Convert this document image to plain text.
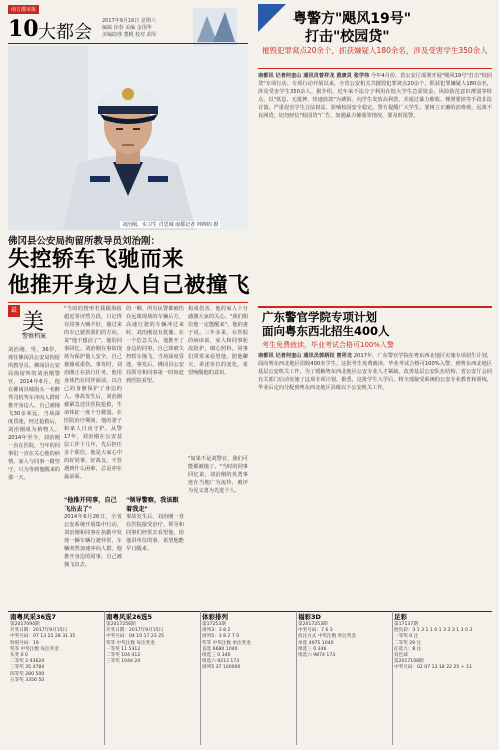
南方都市报
10 大都会
2017年9月16日 星期六
编辑 扣春 美编 金国华
美编助理 董帆 校对 胡军
刘治刚。实习生 肖思城 南都记者 钟锦钧 摄
佛冈县公安局拘留所教导员刘治刚：
失控轿车飞驰而来
他推开身边人自己被撞飞
最 美
警察档案
刘治刚，男，36岁，现任佛冈县公安局拘留所教导员。佛冈县公安局拘留所的刘治刚警官，2014年6月，他在佛冈县城街头一名醉驾司机驾车冲向人群时推开身边人，自己被撞飞30多米远，当场深度昏迷，经过抢救后，刘治刚成为植物人。2014年至今，刘治刚一直在医院，当年的同事们一直在关心他的病情，家人与同事一路坚守，只为等到他醒来的那一天。
"当时的情形若我跟海报超近等评然方段，只记得有同事大喊不好，撞过来的车已驶着我们的方向。说"他不想活了"，他的同事回忆。刘治刚在事故现场为保护他人安全，自己被撞成重伤。事发时，刘治刚正在执行任务，他用身体挡在同伴面前，以自己的身躯保护了身边的人。事故发生后，刘治刚被紧急送往医院抢救，生命体征一度十分微弱。在医院治疗期间，他的妻子和家人日夜守护。从警17年，刘治刚在公安基层工作十几年，先后担任多个职位。他是大家心中的好同事、好战友，不管遇到什么困难，总是冲在最前面。
"他推开同事，自己飞出去了"
2014年6月26日，全省公安系统开展集中行动，刘治刚和同事在执勤中发现一辆车辆行驶异常，车辆突然加速冲向人群。他推开身边的同事，自己被撞飞出去。
的一侧，所有民警都被伤在远离现场的车辆后方，高速行驶的车辆冲过来时，刘治刚没有犹豫。在一个危急关头，他推开了身边的同事，自己却被失控轿车撞飞，当场深度昏迷。事发后，佛冈县公安局领导和同事第一时间赶到医院看望。
"领导警察，我该跟着我走"
事故发生后，刘治刚一直在医院接受治疗。领导和同事们经常去看望他，给他讲单位的事，希望他能早日醒来。
构成伤害，他的家人十分感激大家的关心。"我们相信他一定能醒来"，他的妻子说。三年多来，在医院的病床前，家人和同事轮流陪护，细心照料。同事们常常来看望他，陪他聊天，讲述单位的变化，希望唤醒他的意识。
"如果不是刘警官，我们可能都被撞了。"当时的同事回忆说。刘治刚的英勇事迹在当地广为流传，被评为见义勇为先进个人。
粤警方"飓风19号"
打击"校园贷"
摧毁犯罪窝点20余个，抓获嫌疑人180余名，涉及受害学生350余人
南都讯 记者何奎山 通讯员曾祥龙 黄康灵 张学伟 今年4月份，省公安厅部署开展"飓风19号"打击"校园贷"专项行动。专项行动开展以来，全省公安机关共摧毁犯罪窝点20余个，抓获犯罪嫌疑人180余名，涉及受害学生350余人。据介绍，近年来不法分子利用在校大学生急需资金、风险防范意识薄弱等特点，以"低息、无抵押、快速放款"为诱饵，向学生发放高利贷，并通过暴力催收、裸照要挟等手段非法讨债，严重侵害学生合法权益，影响校园安全稳定。警方提醒广大学生，要树立正确的消费观，远离不良网贷，切勿轻信"校园贷"广告，如遇暴力催收等情况，要及时报警。
广东警官学院专项计划
面向粤东西北招生400人
考生免费就读，毕业考试合格可100%入警
南都讯 记者何奎山 通讯员郭炳权 曾祥龙 2017年，广东警官学院在粤东西北地区实施专项招生计划，面向粤东西北地区招收400名学生。这批考生免费就读，毕业考试合格可100%入警，到粤东西北地区基层公安机关工作。为了缓解粤东西北地区公安专业人才紧缺，改善基层公安队伍结构，省公安厅会同有关部门启动实施了这项专项计划。据悉，这批学生入学后，将全部接受系统的公安专业教育和训练，毕业后定向分配到粤东西北地区县级以下公安机关工作。
南粤风采36选7
第2017094期
开奖日期：2017年9月15日
中奖号码：07 13 22 28 31 35
特别号码：19
奖等 中奖注数 每注奖金
头奖 0 0
二等奖 2 43620
三等奖 35 4784
四等奖 280 500
五等奖 3356 50
南粤风采26选5
第2017256期
开奖日期：2017年9月15日
中奖号码：04 10 17 23 25
奖等 中奖注数 每注奖金
一等奖 11 5312
二等奖 104 412
三等奖 1044 20
体彩排列
第17253期
排列3：3 8 2
排列5：3 8 2 7 0
奖等 中奖注数 单注奖金
直选 6680 1040
组选三 0 346
组选六 9213 173
排列5 37 100000
福彩3D
第2017253期
中奖号码：7 6 3
投注方式 中奖注数 单注奖金
单选 4975 1040
组选三 0 346
组选六 9874 173
足彩
第17137期
胜负彩：3 1 3 1 1 0 1 3 3 3 1 3 0 3
一等奖 0 注
二等奖 29 注
任选九：8 注
双色球
第2017108期
中奖号码：02 07 13 18 22 25 + 11
